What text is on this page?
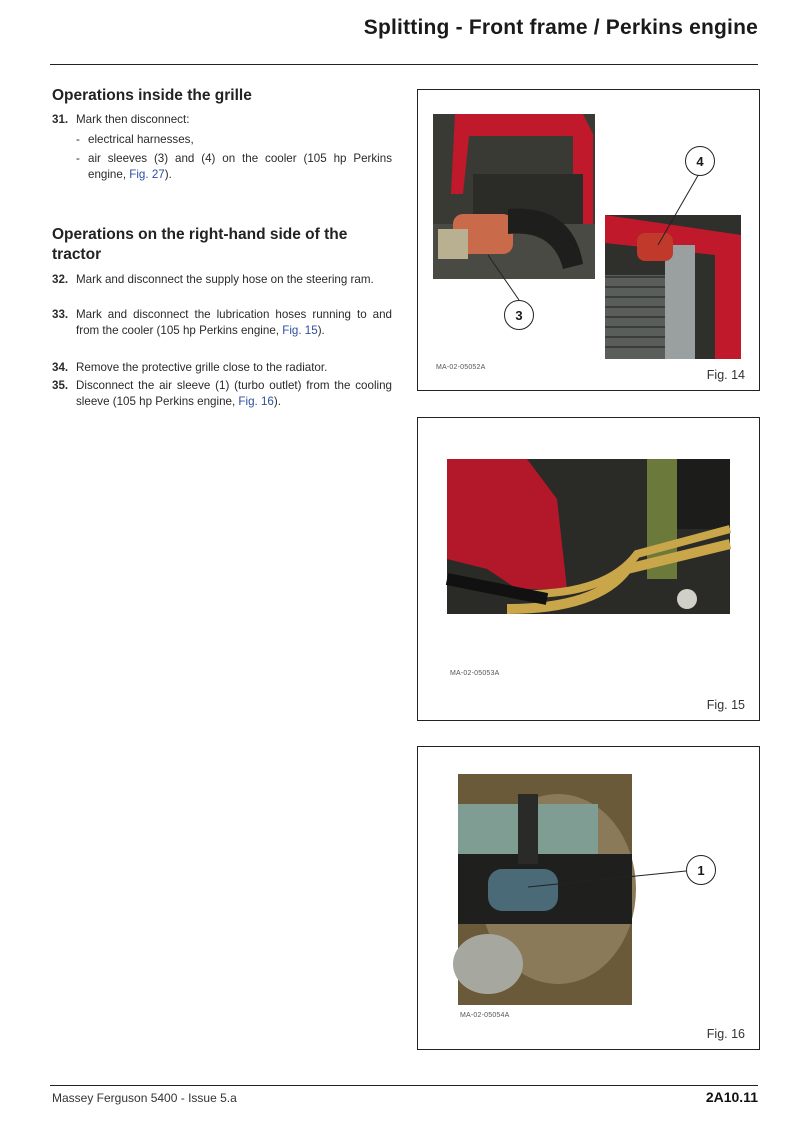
Splitting - Front frame / Perkins engine
Operations inside the grille
31. Mark then disconnect:
- electrical harnesses,
- air sleeves (3) and (4) on the cooler (105 hp Perkins engine, Fig. 27).
Operations on the right-hand side of the tractor
32. Mark and disconnect the supply hose on the steering ram.
33. Mark and disconnect the lubrication hoses running to and from the cooler (105 hp Perkins engine, Fig. 15).
34. Remove the protective grille close to the radiator.
35. Disconnect the air sleeve (1) (turbo outlet) from the cooling sleeve (105 hp Perkins engine, Fig. 16).
3
4
MA-02-05052A
Fig. 14
MA-02-05053A
Fig. 15
1
MA-02-05054A
Fig. 16
Massey Ferguson 5400 - Issue 5.a	2A10.11
